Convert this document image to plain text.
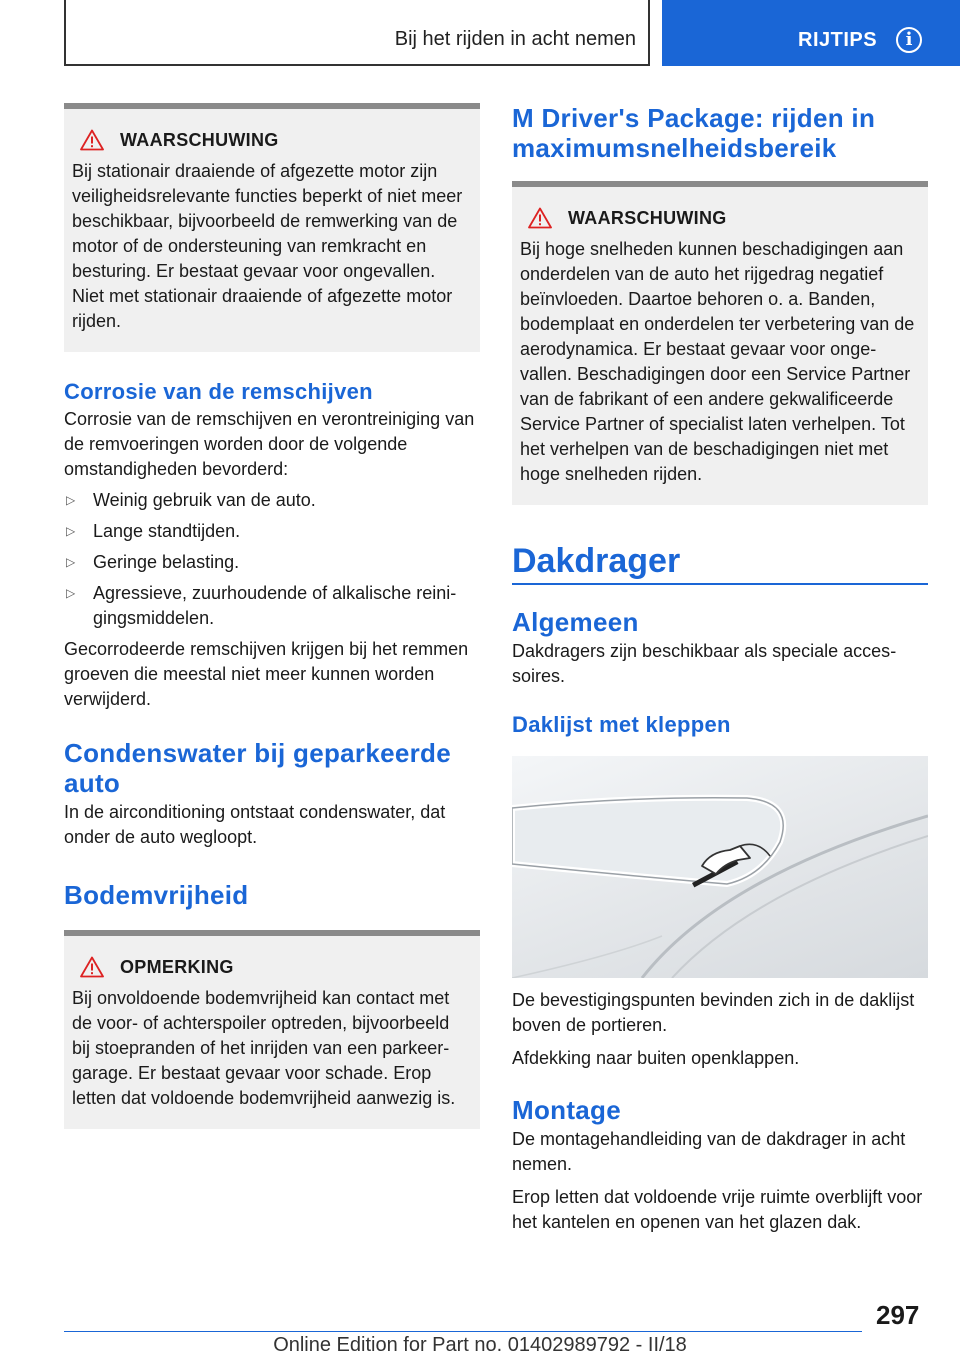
Bij het rijden in acht nemen	RIJTIPS	i
WAARSCHUWING

Bij stationair draaiende of afgezette motor zijn veiligheidsrelevante functies beperkt of niet meer beschikbaar, bijvoorbeeld de remwerking van de motor of de ondersteuning van remkracht en besturing. Er bestaat gevaar voor ongevallen. Niet met stationair draaiende of afgezette motor rijden.

Corrosie van de remschijven

Corrosie van de remschijven en verontreiniging van de remvoeringen worden door de volgende omstandigheden bevorderd:

▷ Weinig gebruik van de auto.
▷ Lange standtijden.
▷ Geringe belasting.
▷ Agressieve, zuurhoudende of alkalische reinigingsmiddelen.

Gecorrodeerde remschijven krijgen bij het remmen groeven die meestal niet meer kunnen worden verwijderd.

Condenswater bij geparkeerde auto

In de airconditioning ontstaat condenswater, dat onder de auto wegloopt.

Bodemvrijheid
OPMERKING

Bij onvoldoende bodemvrijheid kan contact met de voor- of achterspoiler optreden, bijvoorbeeld bij stoepranden of het inrijden van een parkeergarage. Er bestaat gevaar voor schade. Erop letten dat voldoende bodemvrijheid aanwezig is.

M Driver's Package: rijden in maximumsnelheidsbereik
WAARSCHUWING

Bij hoge snelheden kunnen beschadigingen aan onderdelen van de auto het rijgedrag negatief beïnvloeden. Daartoe behoren o. a. Banden, bodemplaat en onderdelen ter verbetering van de aerodynamica. Er bestaat gevaar voor ongevallen. Beschadigingen door een Service Partner van de fabrikant of een andere gekwalificeerde Service Partner of specialist laten verhelpen. Tot het verhelpen van de beschadigingen niet met hoge snelheden rijden.

Dakdrager
Algemeen

Dakdragers zijn beschikbaar als speciale accessoires.

Daklijst met kleppen

De bevestigingspunten bevinden zich in de daklijst boven de portieren.

Afdekking naar buiten openklappen.

Montage

De montagehandleiding van de dakdrager in acht nemen.

Erop letten dat voldoende vrije ruimte overblijft voor het kantelen en openen van het glazen dak.

297
Online Edition for Part no. 01402989792 - II/18
